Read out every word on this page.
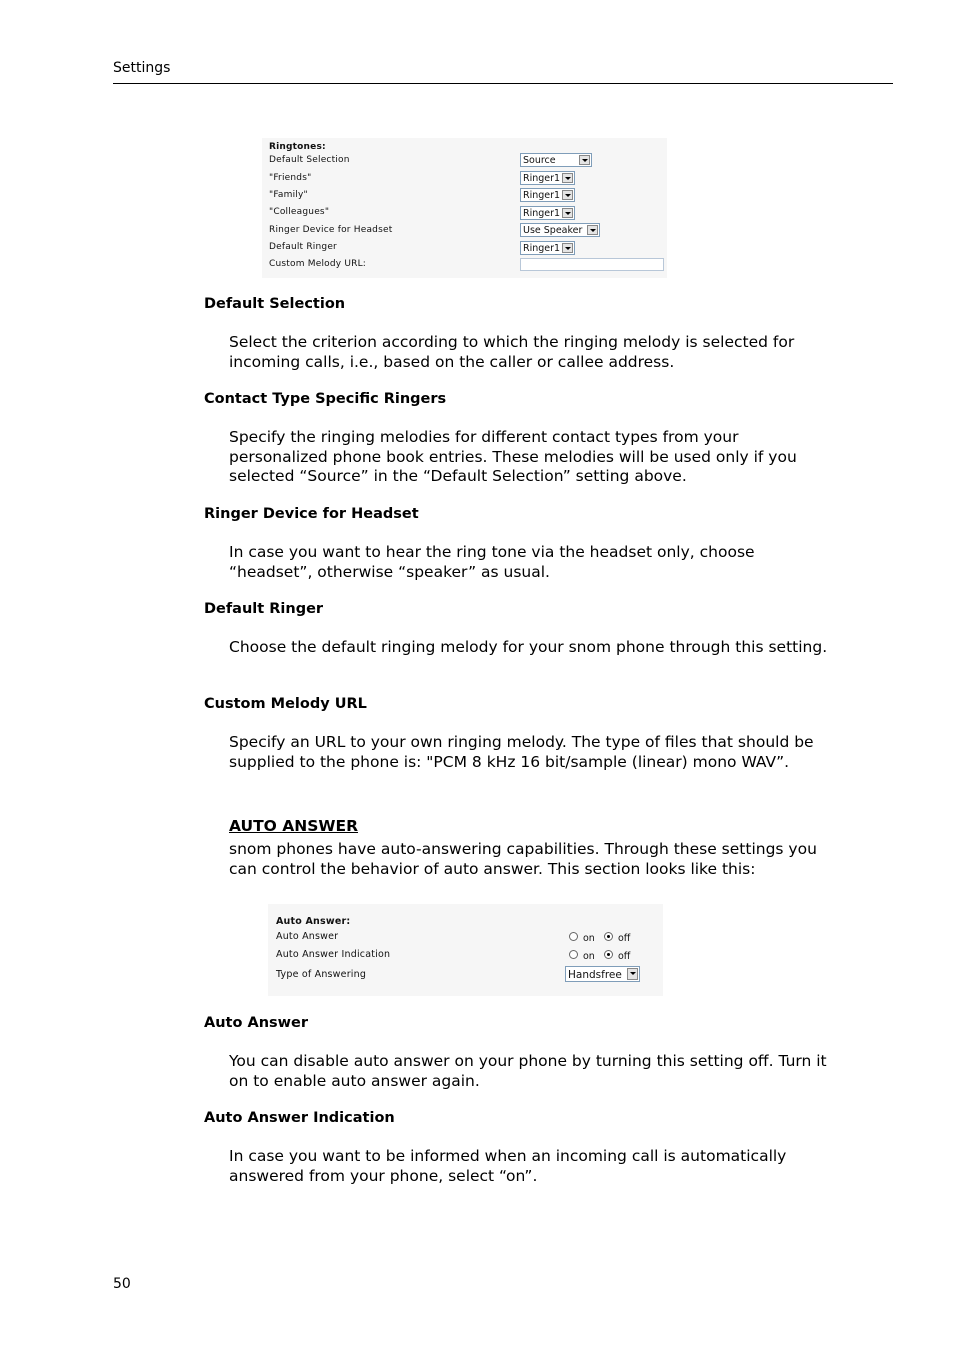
Settings
Ringtones:
Default Selection
"Friends"
"Family"
"Colleagues"
Ringer Device for Headset
Default Ringer
Custom Melody URL:
Source
Ringer1
Ringer1
Ringer1
Use Speaker
Ringer1
Default Selection
Select the criterion according to which the ringing melody is selected for incoming calls, i.e., based on the caller or callee address.
Contact Type Specific Ringers
Specify the ringing melodies for different contact types from your personalized phone book entries. These melodies will be used only if you selected “Source” in the “Default Selection” setting above.
Ringer Device for Headset
In case you want to hear the ring tone via the headset only, choose “headset”, otherwise “speaker” as usual.
Default Ringer
Choose the default ringing melody for your snom phone through this setting.
Custom Melody URL
Specify an URL to your own ringing melody. The type of files that should be supplied to the phone is: "PCM 8 kHz 16 bit/sample (linear) mono WAV”.
AUTO ANSWER
snom phones have auto-answering capabilities. Through these settings you can control the behavior of auto answer. This section looks like this:
Auto Answer:
Auto Answer
Auto Answer Indication
Type of Answering
on off
on off
Handsfree
Auto Answer
You can disable auto answer on your phone by turning this setting off. Turn it on to enable auto answer again.
Auto Answer Indication
In case you want to be informed when an incoming call is automatically answered from your phone, select “on”.
50
